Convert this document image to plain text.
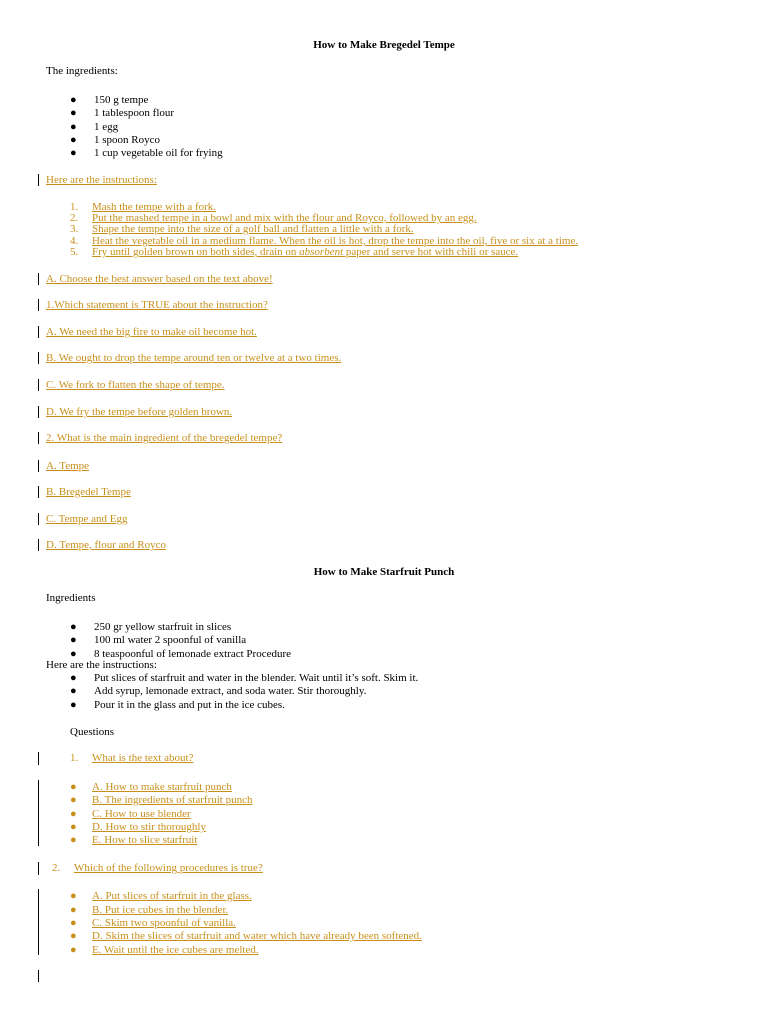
How to Make Bregedel Tempe
The ingredients:
● 150 g tempe
● 1 tablespoon flour
● 1 egg
● 1 spoon Royco
● 1 cup vegetable oil for frying
Here are the instructions:
1. Mash the tempe with a fork.
2. Put the mashed tempe in a bowl and mix with the flour and Royco, followed by an egg.
3. Shape the tempe into the size of a golf ball and flatten a little with a fork.
4. Heat the vegetable oil in a medium flame. When the oil is hot, drop the tempe into the oil, five or six at a time.
5. Fry until golden brown on both sides, drain on absorbent paper and serve hot with chili or sauce.
A. Choose the best answer based on the text above!
1.Which statement is TRUE about the instruction?
A. We need the big fire to make oil become hot.
B. We ought to drop the tempe around ten or twelve at a two times.
C. We fork to flatten the shape of tempe.
D. We fry the tempe before golden brown.
2. What is the main ingredient of the bregedel tempe?
A. Tempe
B. Bregedel Tempe
C. Tempe and Egg
D. Tempe, flour and Royco
How to Make Starfruit Punch
Ingredients
● 250 gr yellow starfruit in slices
● 100 ml water 2 spoonful of vanilla
● 8 teaspoonful of lemonade extract Procedure
Here are the instructions:
● Put slices of starfruit and water in the blender. Wait until it’s soft. Skim it.
● Add syrup, lemonade extract, and soda water. Stir thoroughly.
● Pour it in the glass and put in the ice cubes.
Questions
1. What is the text about?
● A. How to make starfruit punch
● B. The ingredients of starfruit punch
● C. How to use blender
● D. How to stir thoroughly
● E. How to slice starfruit
2. Which of the following procedures is true?
● A. Put slices of starfruit in the glass.
● B. Put ice cubes in the blender.
● C. Skim two spoonful of vanilla.
● D. Skim the slices of starfruit and water which have already been softened.
● E. Wait until the ice cubes are melted.
